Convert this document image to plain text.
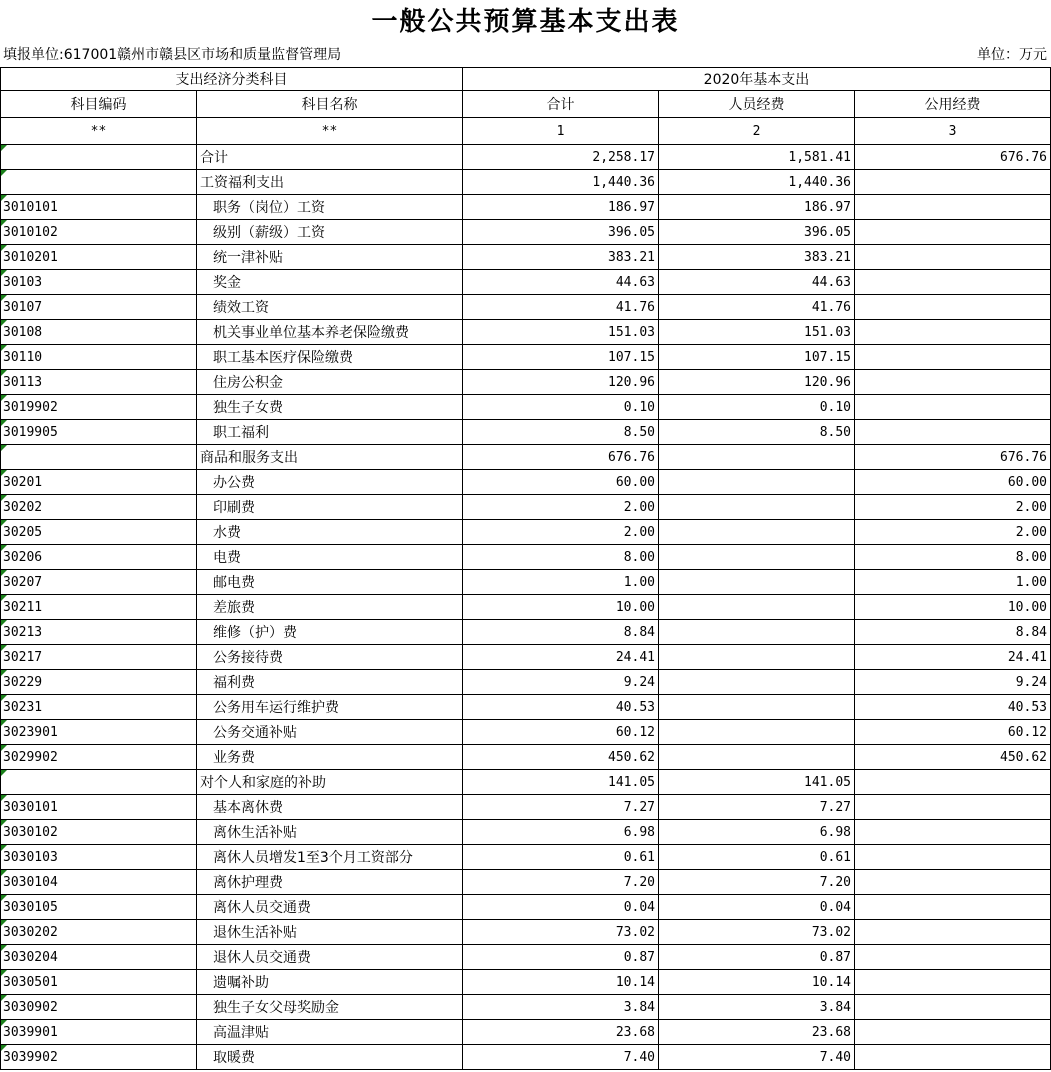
一般公共预算基本支出表
填报单位:617001赣州市赣县区市场和质量监督管理局	单位：万元
支出经济分类科目		2020年基本支出		
科目编码	科目名称	合计	人员经费	公用经费
**	**	1	2	3
	合计	2,258.17	1,581.41	676.76
	工资福利支出	1,440.36	1,440.36	
3010101	职务（岗位）工资	186.97	186.97	
3010102	级别（薪级）工资	396.05	396.05	
3010201	统一津补贴	383.21	383.21	
30103	奖金	44.63	44.63	
30107	绩效工资	41.76	41.76	
30108	机关事业单位基本养老保险缴费	151.03	151.03	
30110	职工基本医疗保险缴费	107.15	107.15	
30113	住房公积金	120.96	120.96	
3019902	独生子女费	0.10	0.10	
3019905	职工福利	8.50	8.50	
	商品和服务支出	676.76		676.76
30201	办公费	60.00		60.00
30202	印刷费	2.00		2.00
30205	水费	2.00		2.00
30206	电费	8.00		8.00
30207	邮电费	1.00		1.00
30211	差旅费	10.00		10.00
30213	维修（护）费	8.84		8.84
30217	公务接待费	24.41		24.41
30229	福利费	9.24		9.24
30231	公务用车运行维护费	40.53		40.53
3023901	公务交通补贴	60.12		60.12
3029902	业务费	450.62		450.62
	对个人和家庭的补助	141.05	141.05	
3030101	基本离休费	7.27	7.27	
3030102	离休生活补贴	6.98	6.98	
3030103	离休人员增发1至3个月工资部分	0.61	0.61	
3030104	离休护理费	7.20	7.20	
3030105	离休人员交通费	0.04	0.04	
3030202	退休生活补贴	73.02	73.02	
3030204	退休人员交通费	0.87	0.87	
3030501	遗嘱补助	10.14	10.14	
3030902	独生子女父母奖励金	3.84	3.84	
3039901	高温津贴	23.68	23.68	
3039902	取暖费	7.40	7.40	
